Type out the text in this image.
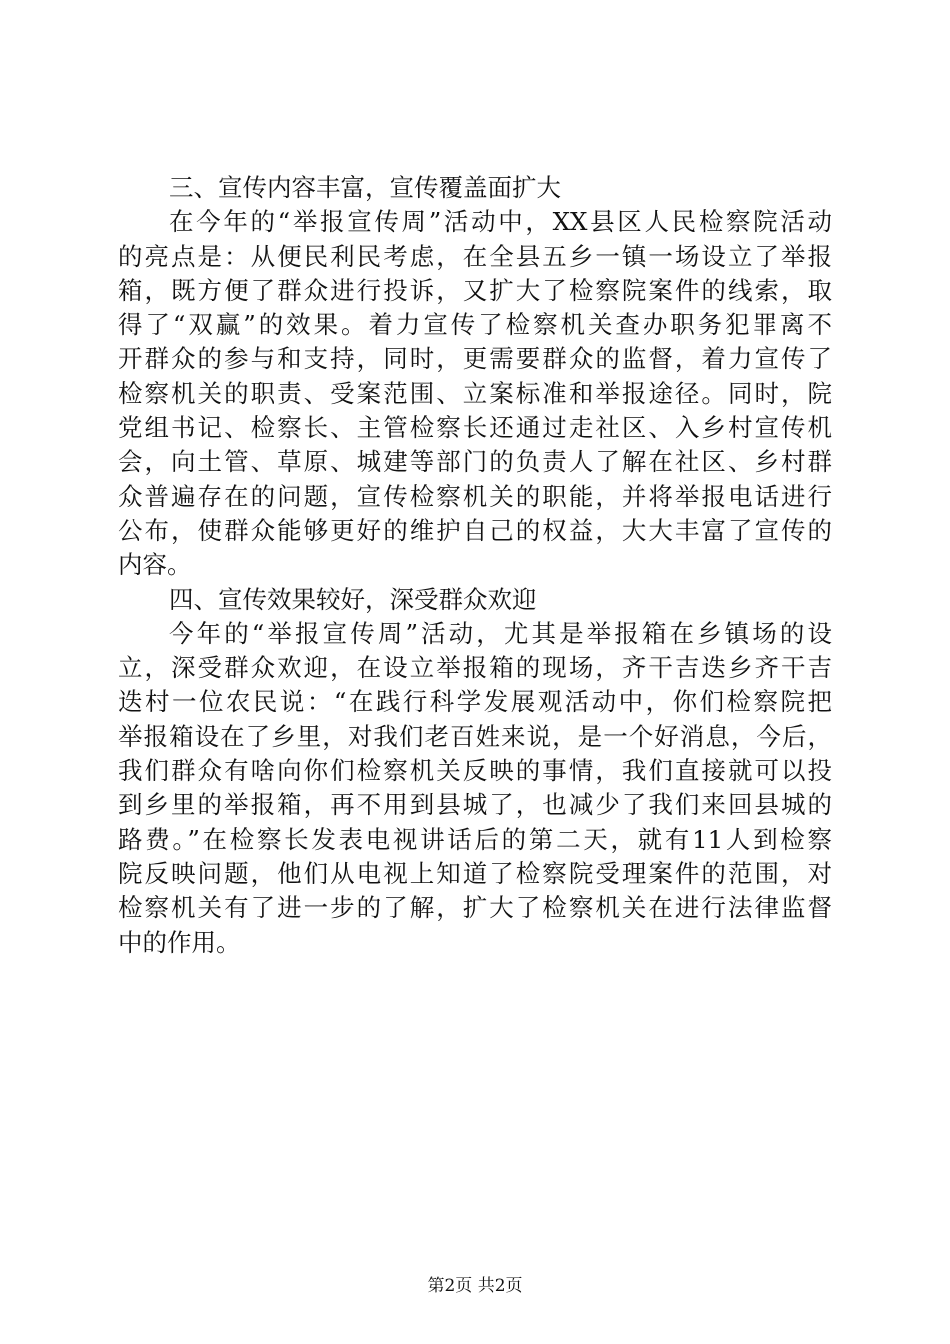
三、宣传内容丰富，宣传覆盖面扩大
在今年的“举报宣传周”活动中，XX县区人民检察院活动
的亮点是：从便民利民考虑，在全县五乡一镇一场设立了举报
箱，既方便了群众进行投诉，又扩大了检察院案件的线索，取
得了“双赢”的效果。着力宣传了检察机关查办职务犯罪离不
开群众的参与和支持，同时，更需要群众的监督，着力宣传了
检察机关的职责、受案范围、立案标准和举报途径。同时，院
党组书记、检察长、主管检察长还通过走社区、入乡村宣传机
会，向土管、草原、城建等部门的负责人了解在社区、乡村群
众普遍存在的问题，宣传检察机关的职能，并将举报电话进行
公布，使群众能够更好的维护自己的权益，大大丰富了宣传的
内容。
四、宣传效果较好，深受群众欢迎
今年的“举报宣传周”活动，尤其是举报箱在乡镇场的设
立，深受群众欢迎，在设立举报箱的现场，齐干吉迭乡齐干吉
迭村一位农民说：“在践行科学发展观活动中，你们检察院把
举报箱设在了乡里，对我们老百姓来说，是一个好消息，今后，
我们群众有啥向你们检察机关反映的事情，我们直接就可以投
到乡里的举报箱，再不用到县城了，也减少了我们来回县城的
路费。”在检察长发表电视讲话后的第二天，就有11人到检察
院反映问题，他们从电视上知道了检察院受理案件的范围，对
检察机关有了进一步的了解，扩大了检察机关在进行法律监督
中的作用。
第2页 共2页
